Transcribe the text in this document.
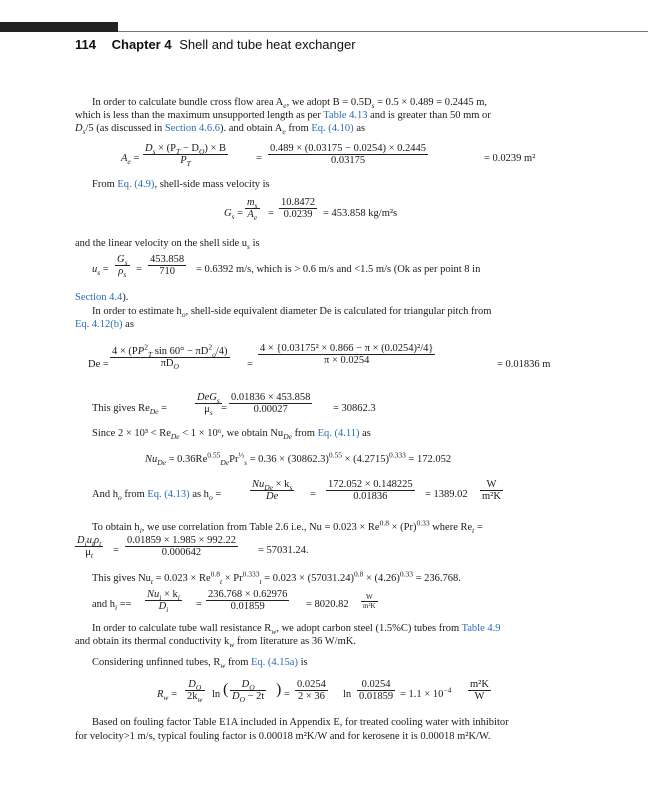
114 Chapter 4 Shell and tube heat exchanger
In order to calculate bundle cross flow area $A_e$, we adopt $B = 0.5D_s = 0.5 \times 0.489 = 0.2445$ m,
which is less than the maximum unsupported length as per Table 4.13 and is greater than 50 mm or
$D_s/5$ (as discussed in Section 4.6.6). and obtain $A_e$ from Eq. (4.10) as
$A_e = \frac{D_s \times (P_T - D_O) \times B}{P_T}$	= $\frac{0.489 \times (0.03175 - 0.0254) \times 0.2445}{0.03175}$	= 0.0239 m²
From Eq. (4.9), shell-side mass velocity is
$G_s = \frac{m_s}{A_e} = \frac{10.8472}{0.0239} = 453.858$ kg/m²s
and the linear velocity on the shell side $u_s$ is
$u_s = \frac{G_s}{\rho_s} = \frac{453.858}{710} = 0.6392$ m/s, which is > 0.6 m/s and <1.5 m/s (Ok as per point 8 in
Section 4.4).
In order to estimate $h_o$, shell-side equivalent diameter De is calculated for triangular pitch from
Eq. 4.12(b) as
De =
$4 \times (PP^2_T$ $\sin 60^\circ - \pi D^2_o/4$)
$\pi D_O$	= $\frac{\text{4 × \{0.03175² × 0.866 − π × (0.0254)²/4\}}}{\pi \times 0.0254}$	= 0.01836 m
This gives $Re_{De}$ =
DeG$_s$
$\mu_s = \frac{0.01836 \times 453.858}{0.00027} = 30862.3$
Since $2 \times 10^3 < Re_{De} < 1 \times 10^6$, we obtain $Nu_{De}$ from Eq. (4.11) as
$Nu_{De} = 0.36Re^{0.55}_{De}Pr^{\frac{1}{3}}_s = 0.36 \times (30862.3)^{0.55} \times (4.2715)^{0.333} = 172.052$
And $h_o$ from Eq. (4.13) as $h_o$ =
$Nu_{De} \times k_s$
De	= $\frac{172.052 \times 0.148225}{0.01836} = 1389.02 \frac{W}{\text{m²K}}$
To obtain $h_i$, we use correlation from Table 2.6 i.e., $Nu = 0.023 \times Re^{0.8} \times (Pr)^{0.33}$ where $Re_t$ =
$D_iu_t\rho_t$
$\mu_t$	= $\frac{0.01859 \times 1.985 \times 992.22}{0.000642} = 57031.24$.
This gives $Nu_t = 0.023 \times Re^{0.8}_t \times Pr^{0.333}_t = 0.023 \times (57031.24)^{0.8} \times (4.26)^{0.33} = 236.768$.
and $h_i$ ==
$Nu_i \times k_i$
$D_i$	= $\frac{236.768 \times 0.62976}{0.01859} = 8020.82 \frac{W}{\text{m²K}}$
In order to calculate tube wall resistance $R_w$, we adopt carbon steel (1.5%C) tubes from Table 4.9
and obtain its thermal conductivity $k_w$ from literature as 36 W/mK.
Considering unfinned tubes, $R_w$ from Eq. (4.15a) is
$R_w = \frac{D_O}{2k_w}$ ln ( $\frac{D_O}{D_O - 2t}$ ) = $\frac{0.0254}{2 \times 36}$ $\ln \frac{0.0254}{0.01859} = 1.1 \times 10^{-4} \frac{\text{m²K}}{W}$
Based on fouling factor Table E1A included in Appendix E, for treated cooling water with inhibitor
for velocity>1 m/s, typical fouling factor is 0.00018 m²K/W and for kerosene it is 0.00018 m²K/W.
